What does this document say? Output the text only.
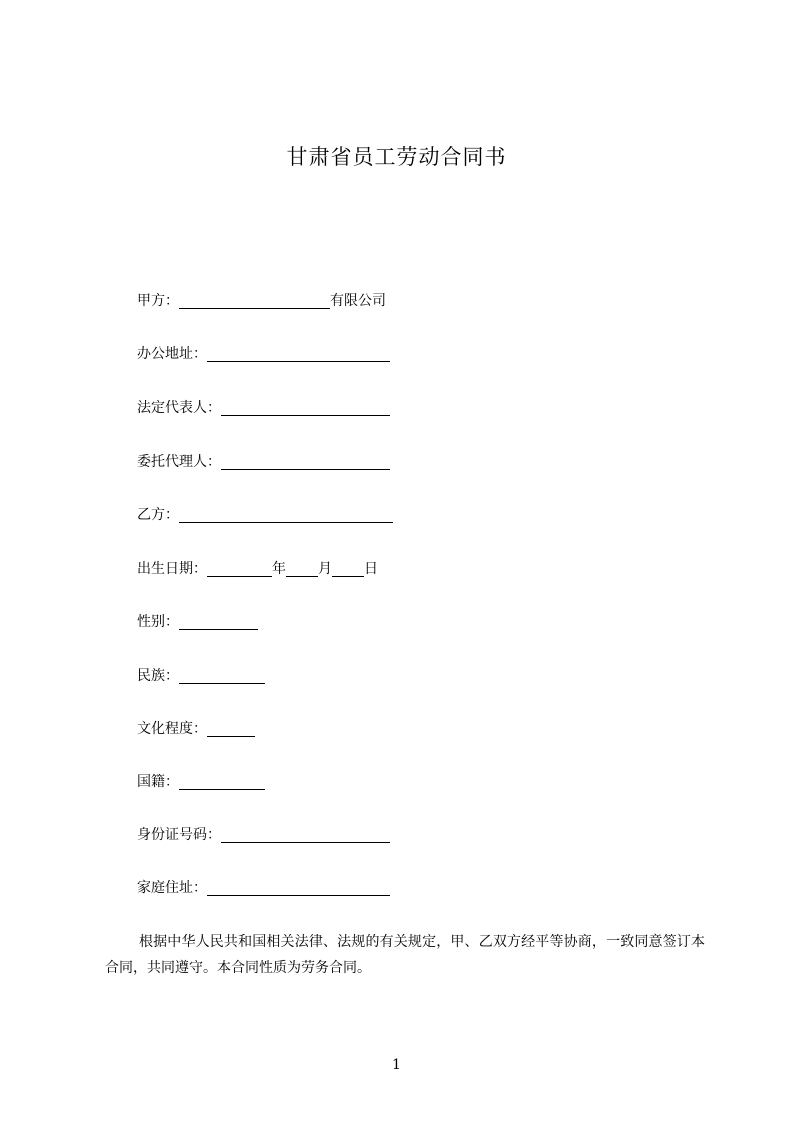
甘肃省员工劳动合同书
甲方：	有限公司
办公地址：
法定代表人：
委托代理人：
乙方：
出生日期：	年 月 日
性别：
民族：
文化程度：
国籍：
身份证号码：
家庭住址：
根据中华人民共和国相关法律、法规的有关规定，甲、乙双方经平等协商，一致同意签订本合同，共同遵守。本合同性质为劳务合同。
1
